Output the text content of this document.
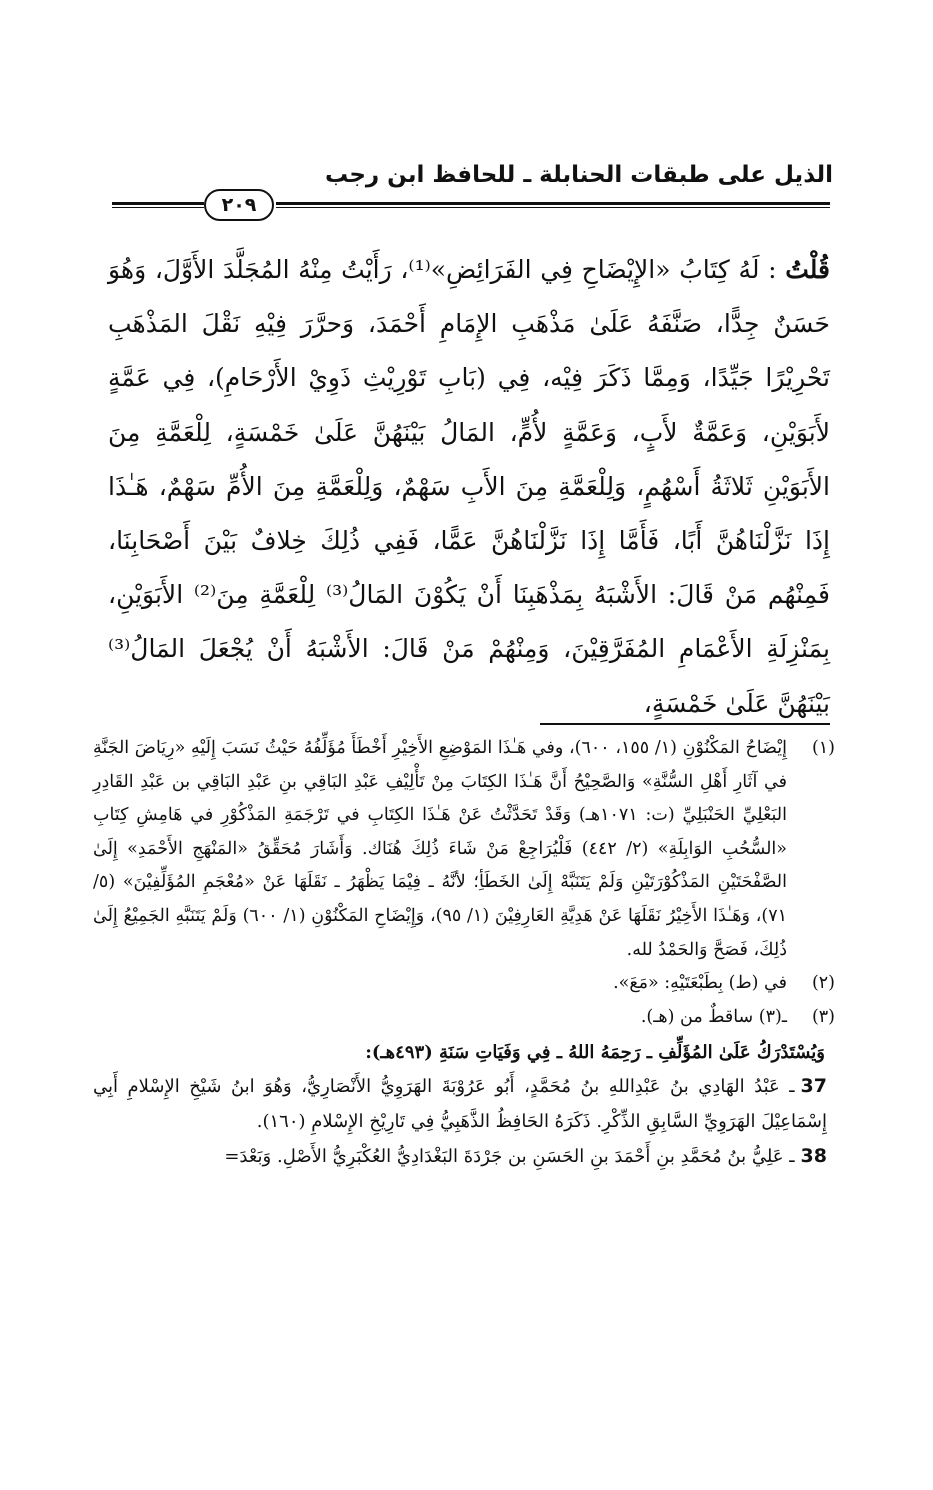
الذيل على طبقات الحنابلة ـ للحافظ ابن رجب
٢٠٩

قُلْتُ : لَهُ كِتَابُ «الإِيْضَاحِ فِي الفَرَائِضِ»⁽¹⁾، رَأَيْتُ مِنْهُ المُجَلَّدَ الأَوَّلَ، وَهُوَ حَسَنٌ جِدًّا، صَنَّفَهُ عَلَىٰ مَذْهَبِ الإِمَامِ أَحْمَدَ، وَحرَّرَ فِيْهِ نَقْلَ المَذْهَبِ تَحْرِيْرًا جَيِّدًا، وَمِمَّا ذَكَرَ فِيْه، فِي (بَابِ تَوْرِيْثِ ذَوِيْ الأَرْحَامِ)، فِي عَمَّةٍ لأَبَوَيْنِ، وَعَمَّةٌ لأَبٍ، وَعَمَّةٍ لأُمٍّ، المَالُ بَيْنَهُنَّ عَلَىٰ خَمْسَةٍ، لِلْعَمَّةِ مِنَ الأَبَوَيْنِ ثَلاثَةُ أَسْهُمٍ، وَلِلْعَمَّةِ مِنَ الأَبِ سَهْمٌ، وَلِلْعَمَّةِ مِنَ الأُمِّ سَهْمٌ، هَـٰذَا إِذَا نَزَّلْنَاهُنَّ أَبًا، فَأَمَّا إِذَا نَزَّلْنَاهُنَّ عَمًّا، فَفِي ذُلِكَ خِلافٌ بَيْنَ أَصْحَابِنَا، فَمِنْهُم مَنْ قَالَ: الأَشْبَهُ بِمَذْهَبِنَا أَنْ يَكُوْنَ المَالُ⁽³⁾ لِلْعَمَّةِ مِنَ⁽²⁾ الأَبَوَيْنِ، بِمَنْزِلَةِ الأَعْمَامِ المُفَرَّقِيْنَ، وَمِنْهُمْ مَنْ قَالَ: الأَشْبَهُ أَنْ يُجْعَلَ المَالُ⁽³⁾ بَيْنَهُنَّ عَلَىٰ خَمْسَةٍ،

(١)

إِيْضَاحُ المَكْنُوْنِ (١/ ١٥٥، ٦٠٠)، وفي هَـٰذَا المَوْضِعِ الأَخِيْرِ أَخْطَأَ مُؤَلِّفُهُ حَيْثُ نَسَبَ إِلَيْهِ «رِيَاضَ الجَنَّةِ في آثَارِ أَهْلِ السُّنَّةِ» وَالصَّحِيْحُ أَنَّ هَـٰذَا الكِتَابَ مِنْ تَأْلِيْفِ عَبْدِ البَاقِي بنِ عَبْدِ البَاقِي بن عَبْدِ القَادِرِ البَعْلِيِّ الحَنْبَلِيِّ (ت: ١٠٧١هـ) وَقَدْ تَحَدَّثْتُ عَنْ هَـٰذَا الكِتَابِ في تَرْجَمَةِ المَذْكُوْرِ في هَامِشِ كِتَابِ «السُّحُبِ الوَابِلَةِ» (٢/ ٤٤٢) فَلْيُرَاجِعْ مَنْ شَاءَ ذُلِكَ هُنَاك. وَأَشَارَ مُحَقِّقُ «المَنْهَجِ الأَحْمَدِ» إِلَىٰ الصَّفْحَتَيْنِ المَذْكُوْرَتَيْنِ وَلَمْ يَتَنَبَّهْ إِلَىٰ الخَطَأِ؛ لأنَّهُ ـ فِيْمَا يَظْهَرُ ـ نَقَلَهَا عَنْ «مُعْجَمِ المُؤَلِّفِيْنَ» (٥/ ٧١)، وَهَـٰذَا الأَخِيْرُ نَقَلَهَا عَنْ هَدِيَّةِ العَارِفِيْنَ (١/ ٩٥)، وَإِيْضَاحِ المَكْنُوْنِ (١/ ٦٠٠) وَلَمْ يَتَنَبَّهِ الجَمِيْعُ إِلَىٰ ذُلِكَ، فَصَحَّ وَالحَمْدُ لله.

(٢)

في (ط) بِطَبْعَتَيْهِ: «مَعَ».

(٣)

ـ(٣) ساقطٌ من (هـ).

وَيُسْتَدْرَكُ عَلَىٰ المُؤَلِّفِ ـ رَحِمَهُ اللهُ ـ فِي وَفَيَاتِ سَنَةِ (٤٩٣هـ):

37ـ عَبْدُ الهَادِي بنُ عَبْدِاللهِ بنُ مُحَمَّدٍ، أَبُو عَرُوْبَةَ الهَرَوِيُّ الأَنْصَارِيُّ، وَهُوَ ابنُ شَيْخِ الإِسْلامِ أَبِي إِسْمَاعِيْلَ الهَرَوِيِّ السَّابِقِ الذِّكْرِ. ذَكَرَهُ الحَافِظُ الذَّهَبِيُّ فِي تَارِيْخِ الإِسْلامِ (١٦٠).

38ـ عَلِيُّ بنُ مُحَمَّدِ بنِ أَحْمَدَ بنِ الحَسَنِ بن جَرْدَةَ البَغْدَادِيُّ العُكْبَرِيُّ الأَصْلِ. وَبَعْدَ=
